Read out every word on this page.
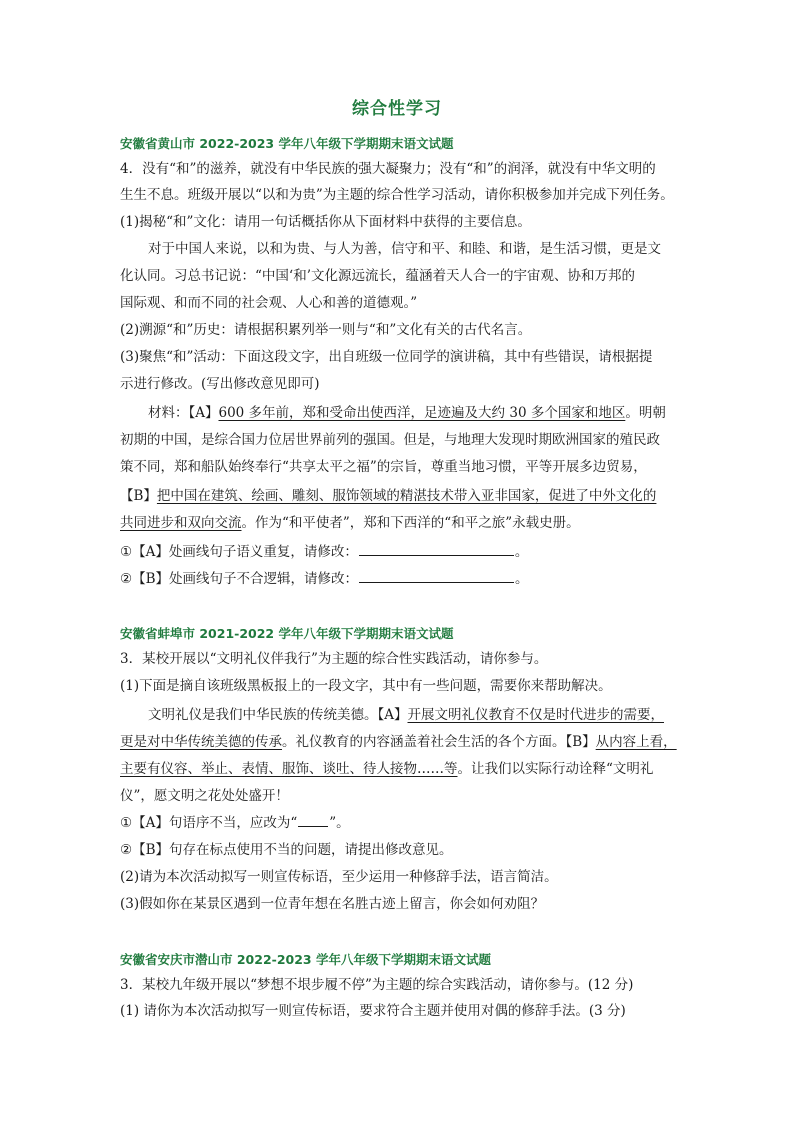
综合性学习
安徽省黄山市 2022-2023 学年八年级下学期期末语文试题
4．没有“和”的滋养，就没有中华民族的强大凝聚力；没有“和”的润泽，就没有中华文明的
生生不息。班级开展以“以和为贵”为主题的综合性学习活动，请你积极参加并完成下列任务。
(1)揭秘“和”文化：请用一句话概括你从下面材料中获得的主要信息。
对于中国人来说，以和为贵、与人为善，信守和平、和睦、和谐，是生活习惯，更是文
化认同。习总书记说：“中国‘和’文化源远流长，蕴涵着天人合一的宇宙观、协和万邦的
国际观、和而不同的社会观、人心和善的道德观。”
(2)溯源“和”历史：请根据积累列举一则与“和”文化有关的古代名言。
(3)聚焦“和”活动：下面这段文字，出自班级一位同学的演讲稿，其中有些错误，请根据提
示进行修改。(写出修改意见即可)
材料：【A】600 多年前，郑和受命出使西洋，足迹遍及大约 30 多个国家和地区。明朝
初期的中国，是综合国力位居世界前列的强国。但是，与地理大发现时期欧洲国家的殖民政
策不同，郑和船队始终奉行“共享太平之福”的宗旨，尊重当地习惯，平等开展多边贸易，
【B】把中国在建筑、绘画、雕刻、服饰领域的精湛技术带入亚非国家，促进了中外文化的
共同进步和双向交流。作为“和平使者”，郑和下西洋的“和平之旅”永载史册。
①【A】处画线句子语义重复，请修改：	。
②【B】处画线句子不合逻辑，请修改：	。
安徽省蚌埠市 2021-2022 学年八年级下学期期末语文试题
3．某校开展以“文明礼仪伴我行”为主题的综合性实践活动，请你参与。
(1)下面是摘自该班级黑板报上的一段文字，其中有一些问题，需要你来帮助解决。
文明礼仪是我们中华民族的传统美德。【A】开展文明礼仪教育不仅是时代进步的需要，
更是对中华传统美德的传承。礼仪教育的内容涵盖着社会生活的各个方面。【B】从内容上看，
主要有仪容、举止、表情、服饰、谈吐、待人接物……等。让我们以实际行动诠释“文明礼
仪”，愿文明之花处处盛开！
①【A】句语序不当，应改为“ ”。
②【B】句存在标点使用不当的问题，请提出修改意见。
(2)请为本次活动拟写一则宣传标语，至少运用一种修辞手法，语言简洁。
(3)假如你在某景区遇到一位青年想在名胜古迹上留言，你会如何劝阻？
安徽省安庆市潜山市 2022-2023 学年八年级下学期期末语文试题
3．某校九年级开展以“梦想不垠步履不停”为主题的综合实践活动，请你参与。(12 分)
(1) 请你为本次活动拟写一则宣传标语，要求符合主题并使用对偶的修辞手法。(3 分)
